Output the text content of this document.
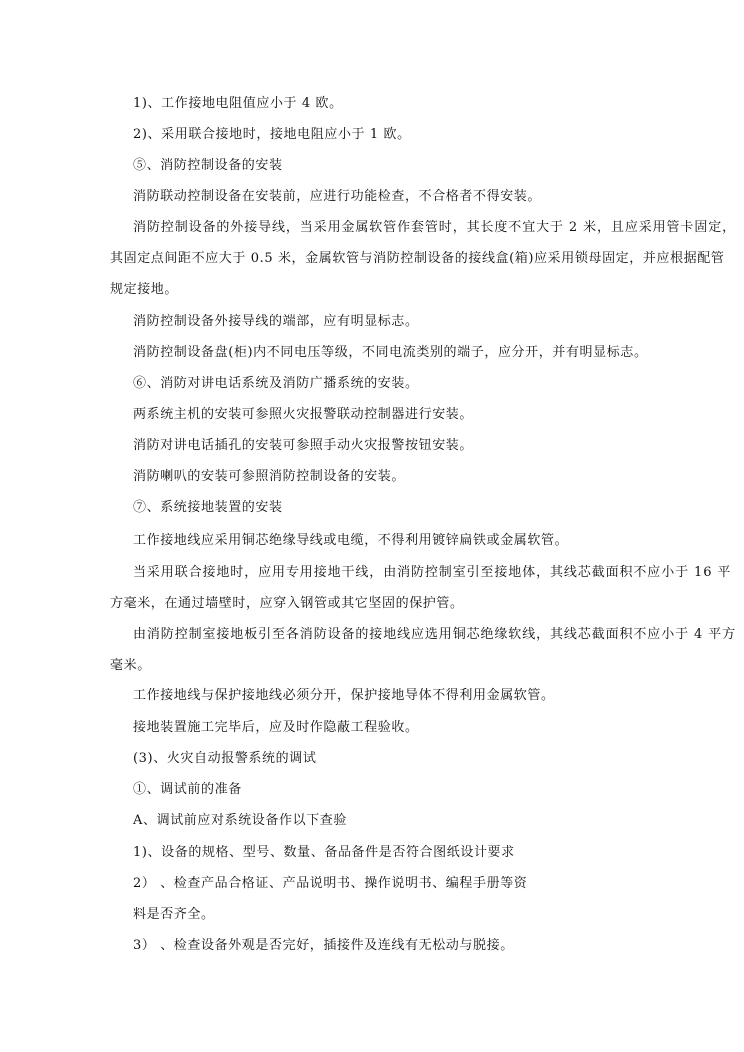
1)、工作接地电阻值应小于 4 欧。
2)、采用联合接地时，接地电阻应小于 1 欧。
⑤、消防控制设备的安装
消防联动控制设备在安装前，应进行功能检查，不合格者不得安装。
消防控制设备的外接导线，当采用金属软管作套管时，其长度不宜大于 2 米，且应采用管卡固定，
其固定点间距不应大于 0.5 米，金属软管与消防控制设备的接线盒(箱)应采用锁母固定，并应根据配管
规定接地。
消防控制设备外接导线的端部，应有明显标志。
消防控制设备盘(柜)内不同电压等级，不同电流类别的端子，应分开，并有明显标志。
⑥、消防对讲电话系统及消防广播系统的安装。
两系统主机的安装可参照火灾报警联动控制器进行安装。
消防对讲电话插孔的安装可参照手动火灾报警按钮安装。
消防喇叭的安装可参照消防控制设备的安装。
⑦、系统接地装置的安装
工作接地线应采用铜芯绝缘导线或电缆，不得利用镀锌扁铁或金属软管。
当采用联合接地时，应用专用接地干线，由消防控制室引至接地体，其线芯截面积不应小于 16 平
方毫米，在通过墙壁时，应穿入钢管或其它坚固的保护管。
由消防控制室接地板引至各消防设备的接地线应选用铜芯绝缘软线，其线芯截面积不应小于 4 平方
毫米。
工作接地线与保护接地线必须分开，保护接地导体不得利用金属软管。
接地装置施工完毕后，应及时作隐蔽工程验收。
(3)、火灾自动报警系统的调试
①、调试前的准备
A、调试前应对系统设备作以下查验
1)、设备的规格、型号、数量、备品备件是否符合图纸设计要求
2） 、检查产品合格证、产品说明书、操作说明书、编程手册等资
料是否齐全。
3） 、检查设备外观是否完好，插接件及连线有无松动与脱接。
